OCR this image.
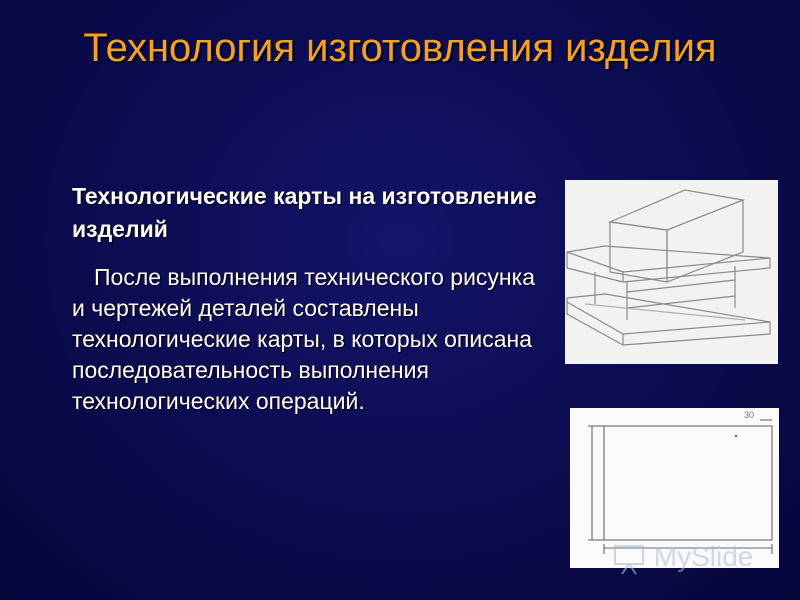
Технология изготовления изделия

Технологические карты на изготовление изделий

После выполнения технического рисунка и чертежей деталей составлены технологические карты, в которых описана последовательность выполнения технологических операций.

30
MySlide
